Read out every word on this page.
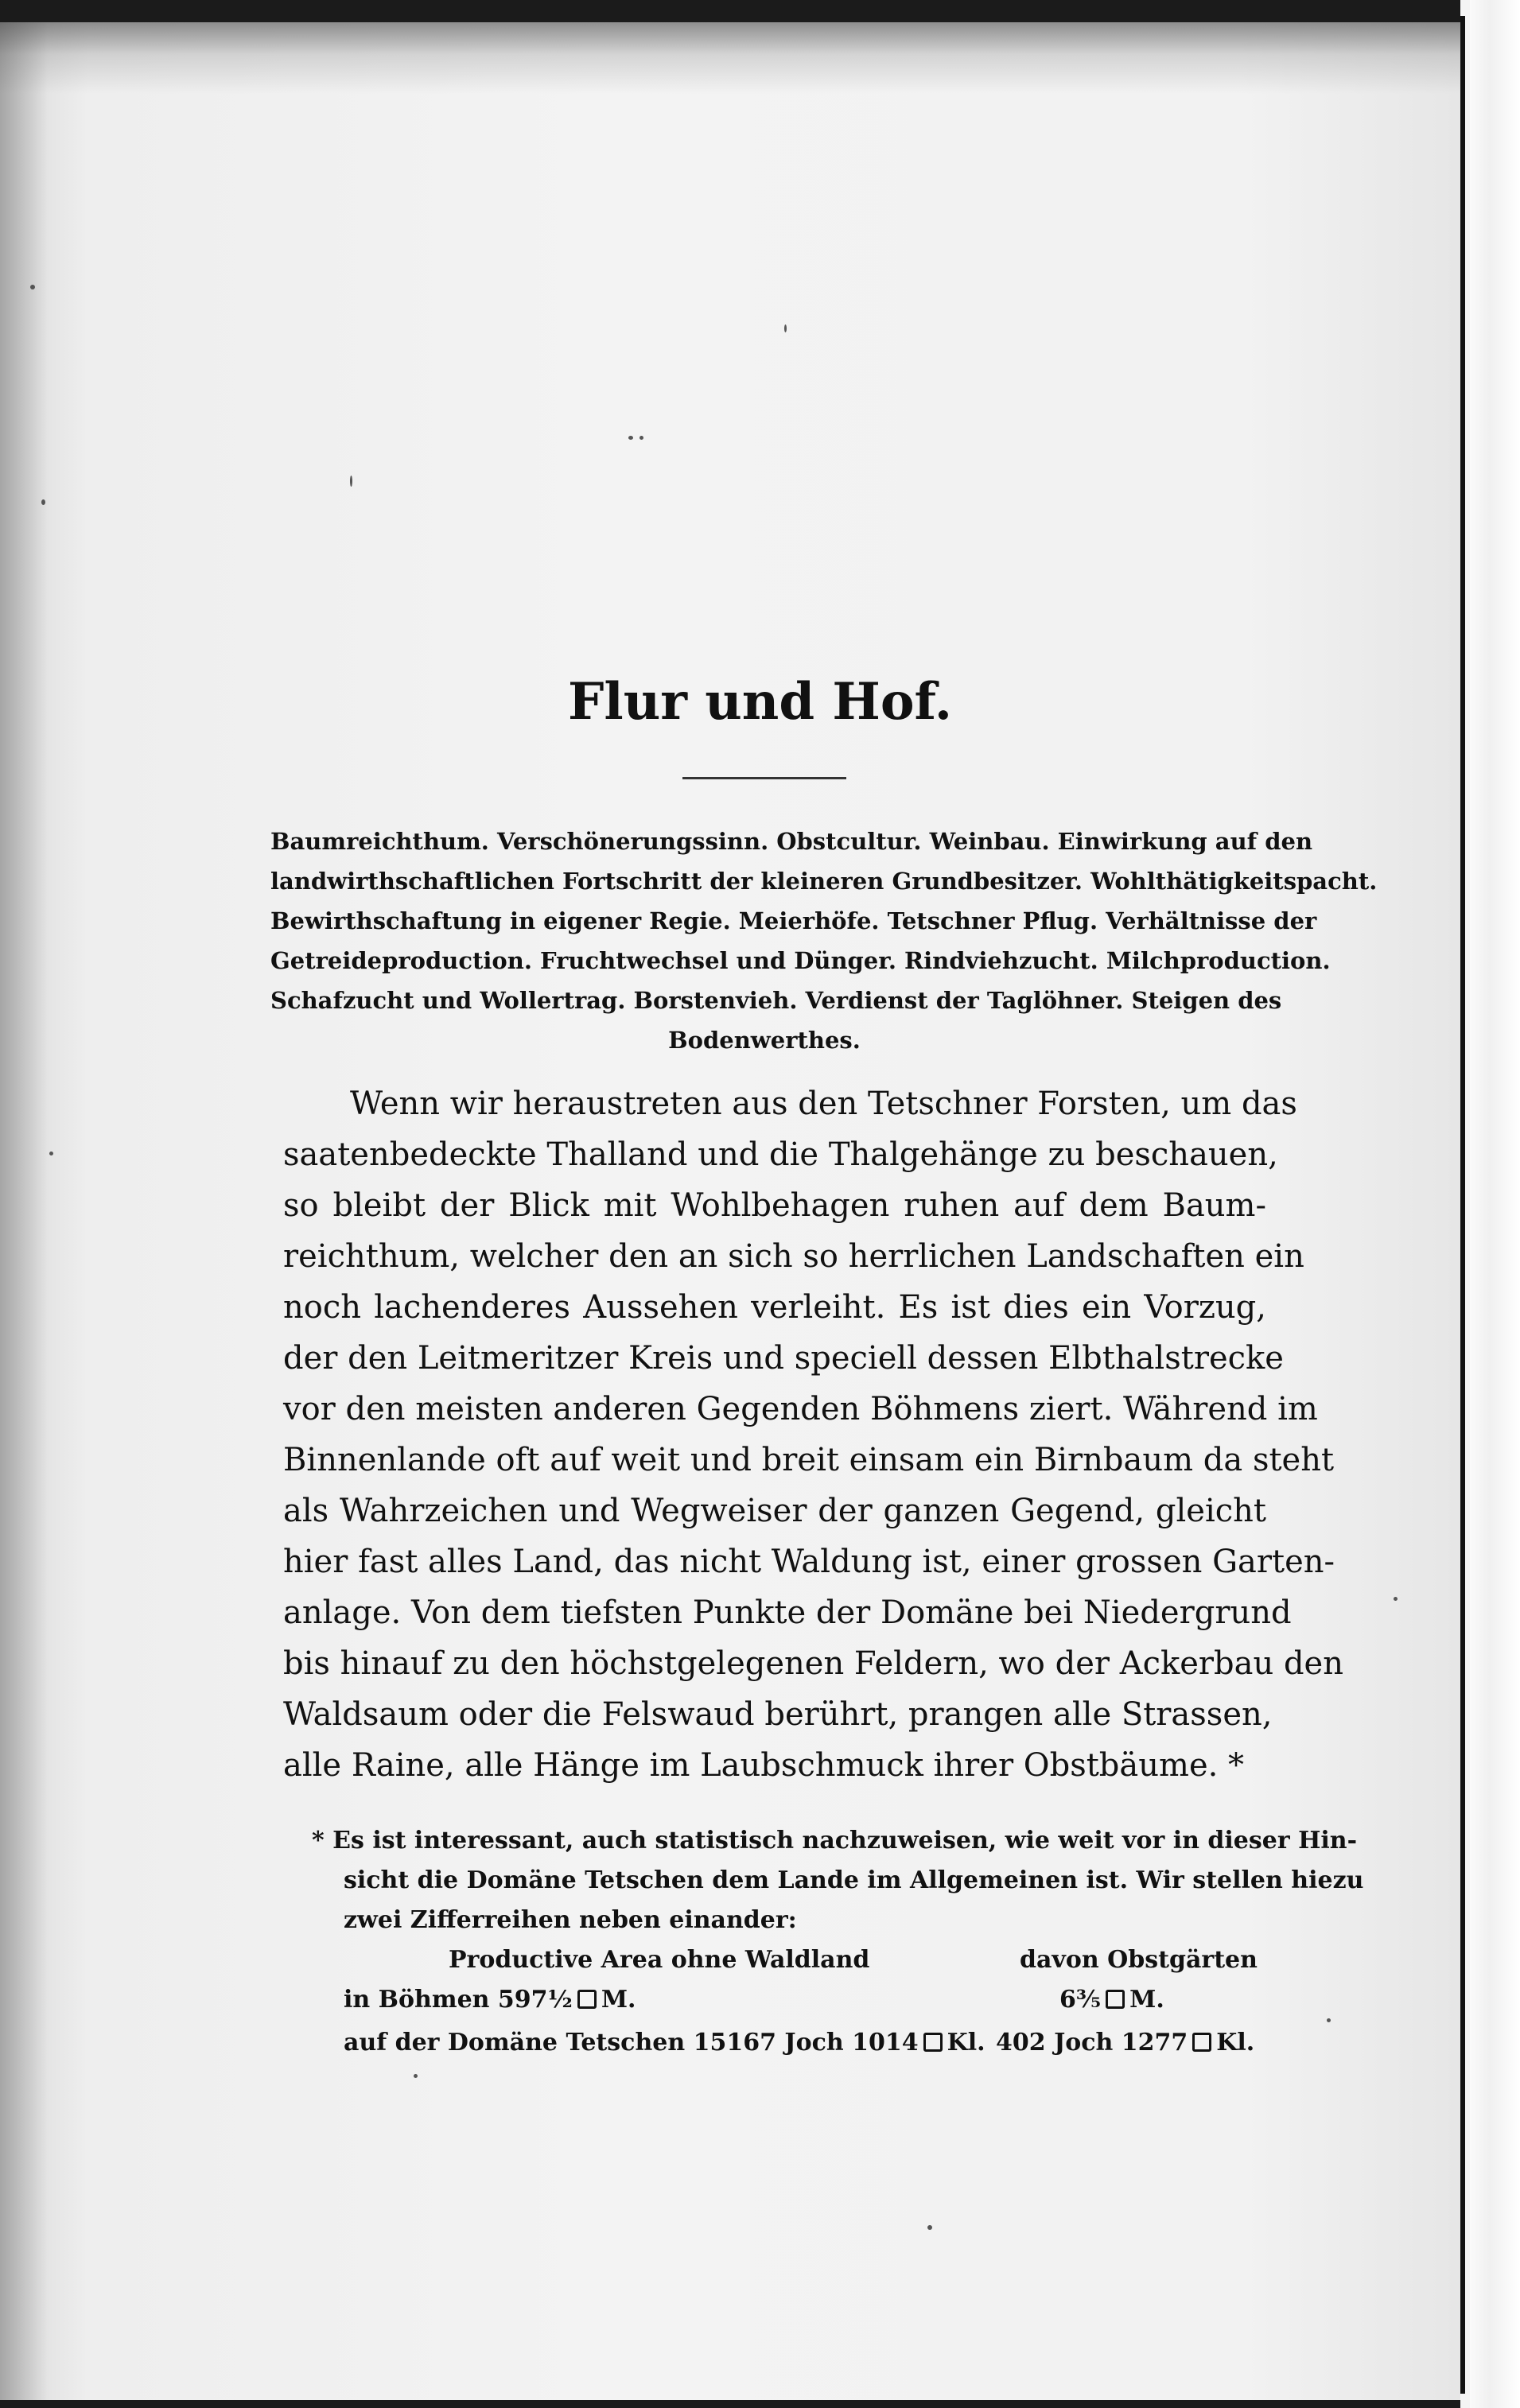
Flur und Hof.
Baumreichthum. Verschönerungssinn. Obstcultur. Weinbau. Einwirkung auf den
landwirthschaftlichen Fortschritt der kleineren Grundbesitzer. Wohlthätigkeitspacht.
Bewirthschaftung in eigener Regie. Meierhöfe. Tetschner Pflug. Verhältnisse der
Getreideproduction. Fruchtwechsel und Dünger. Rindviehzucht. Milchproduction.
Schafzucht und Wollertrag. Borstenvieh. Verdienst der Taglöhner. Steigen des
Bodenwerthes.
Wenn wir heraustreten aus den Tetschner Forsten, um das
saatenbedeckte Thalland und die Thalgehänge zu beschauen,
so bleibt der Blick mit Wohlbehagen ruhen auf dem Baum-
reichthum, welcher den an sich so herrlichen Landschaften ein
noch lachenderes Aussehen verleiht. Es ist dies ein Vorzug,
der den Leitmeritzer Kreis und speciell dessen Elbthalstrecke
vor den meisten anderen Gegenden Böhmens ziert. Während im
Binnenlande oft auf weit und breit einsam ein Birnbaum da steht
als Wahrzeichen und Wegweiser der ganzen Gegend, gleicht
hier fast alles Land, das nicht Waldung ist, einer grossen Garten-
anlage. Von dem tiefsten Punkte der Domäne bei Niedergrund
bis hinauf zu den höchstgelegenen Feldern, wo der Ackerbau den
Waldsaum oder die Felswaud berührt, prangen alle Strassen,
alle Raine, alle Hänge im Laubschmuck ihrer Obstbäume. *
* Es ist interessant, auch statistisch nachzuweisen, wie weit vor in dieser Hin-
sicht die Domäne Tetschen dem Lande im Allgemeinen ist. Wir stellen hiezu
zwei Zifferreihen neben einander:
Productive Area ohne Waldland	davon Obstgärten
in Böhmen 597½ M.	6³⁄₅ M.
auf der Domäne Tetschen 15167 Joch 1014 Kl. 402 Joch 1277 Kl.
